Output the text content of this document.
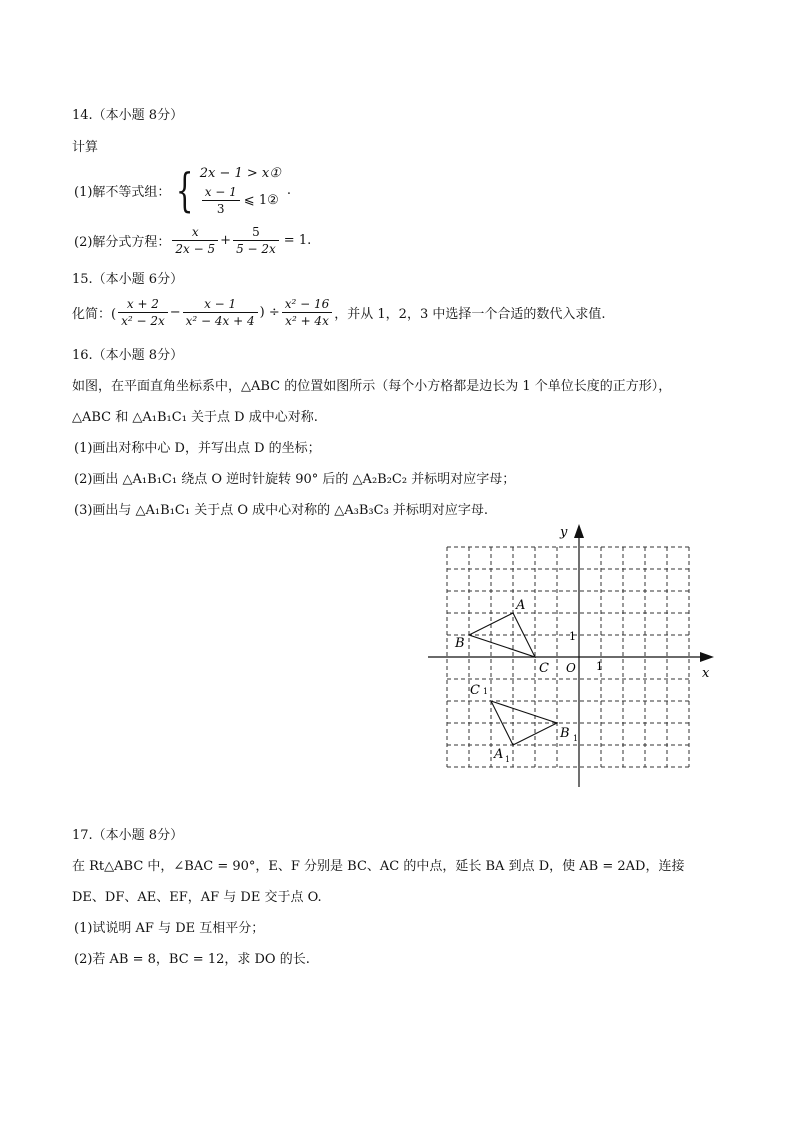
14.（本小题 8分）
计算
(1)解不等式组： { 2x − 1 > x①
$\frac{x - 1}{3}$ ⩽ 1②
.
(2)解分式方程： $\frac{x}{2x - 5} + \frac{5}{5 - 2x} = 1$.
15.（本小题 6分）
化简：( $\frac{x + 2}{\text{x² − 2x}} - \frac{x - 1}{\text{x² − 4x + 4}}$ ) ÷ $\frac{\text{x² − 16}}{\text{x² + 4x}}$ ，并从 1，2，3 中选择一个合适的数代入求值.
16.（本小题 8分）
如图，在平面直角坐标系中，△ABC 的位置如图所示（每个小方格都是边长为 1 个单位长度的正方形），
△ABC 和 △A₁B₁C₁ 关于点 D 成中心对称.
(1)画出对称中心 D，并写出点 D 的坐标；
(2)画出 △A₁B₁C₁ 绕点 O 逆时针旋转 90° 后的 △A₂B₂C₂ 并标明对应字母；
(3)画出与 △A₁B₁C₁ 关于点 O 成中心对称的 △A₃B₃C₃ 并标明对应字母.
x
y
O 1
1
A
B
C
C 1
B 1
A 1
17.（本小题 8分）
在 Rt△ABC 中，∠BAC = 90°，E、F 分别是 BC、AC 的中点，延长 BA 到点 D，使 AB = 2AD，连接
DE、DF、AE、EF，AF 与 DE 交于点 O.
(1)试说明 AF 与 DE 互相平分；
(2)若 AB = 8，BC = 12，求 DO 的长.
